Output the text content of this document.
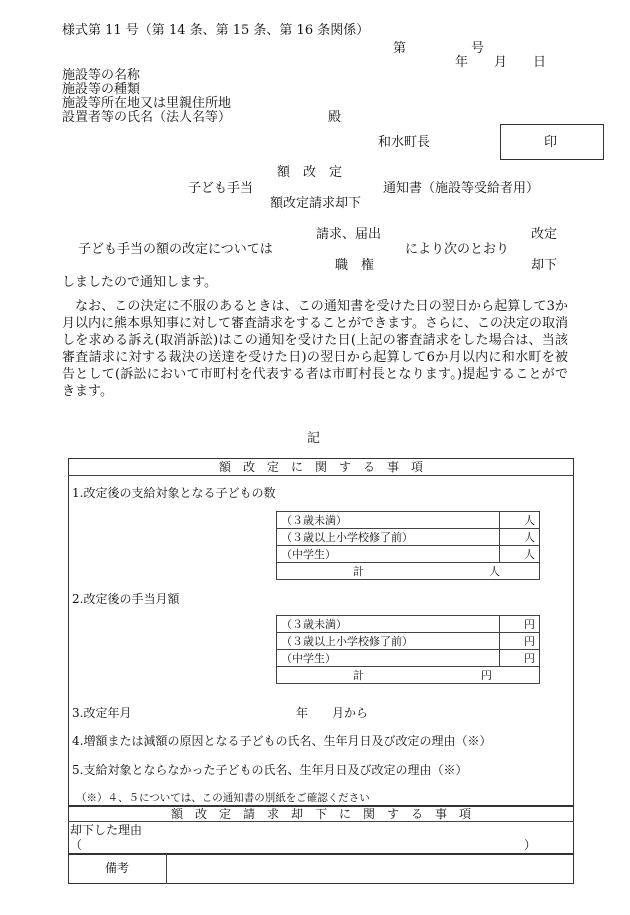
様式第 11 号（第 14 条、第 15 条、第 16 条関係）
第　　　　　号
年　　月　　日
施設等の名称
施設等の種類
施設等所在地又は里親住所地
設置者等の氏名（法人名等）	殿
和水町長	印
額　改　定
子ども手当	通知書（施設等受給者用）
額改定請求却下
請求、届出	改定
子ども手当の額の改定については	により次のとおり
職　権	却下
しましたので通知します。

なお、この決定に不服のあるときは、この通知書を受けた日の翌日から起算して3か月以内に熊本県知事に対して審査請求をすることができます。さらに、この決定の取消しを求める訴え(取消訴訟)はこの通知を受けた日(上記の審査請求をした場合は、当該審査請求に対する裁決の送達を受けた日)の翌日から起算して6か月以内に和水町を被告として(訴訟において市町村を代表する者は市町村長となります。)提起することができます。

記
額　改　定　に　関　す　る　事　項
1.改定後の支給対象となる子どもの数
（３歳未満）	人
（３歳以上小学校修了前）	人
（中学生）	人
計 人	
2.改定後の手当月額
（３歳未満）	円
（３歳以上小学校修了前）	円
（中学生）	円
計 円	
3.改定年月	年　　月から
4.増額または減額の原因となる子どもの氏名、生年月日及び改定の理由（※）
5.支給対象とならなかった子どもの氏名、生年月日及び改定の理由（※）
（※）４、５については、この通知書の別紙をご確認ください
額　改　定　請　求　却　下　に　関　す　る　事　項
却下した理由
（	）
備考
